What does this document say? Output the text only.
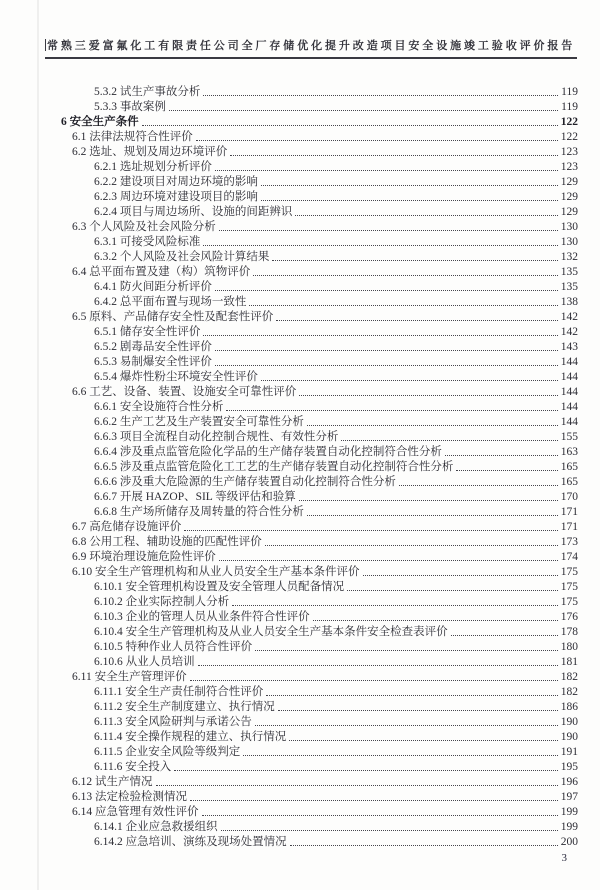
常熟三爱富氟化工有限责任公司全厂存储优化提升改造项目安全设施竣工验收评价报告
5.3.2 试生产事故分析	119
5.3.3 事故案例	119
6 安全生产条件	122
6.1 法律法规符合性评价	122
6.2 选址、规划及周边环境评价	123
6.2.1 选址规划分析评价	123
6.2.2 建设项目对周边环境的影响	129
6.2.3 周边环境对建设项目的影响	129
6.2.4 项目与周边场所、设施的间距辨识	129
6.3 个人风险及社会风险分析	130
6.3.1 可接受风险标准	130
6.3.2 个人风险及社会风险计算结果	132
6.4 总平面布置及建（构）筑物评价	135
6.4.1 防火间距分析评价	135
6.4.2 总平面布置与现场一致性	138
6.5 原料、产品储存安全性及配套性评价	142
6.5.1 储存安全性评价	142
6.5.2 剧毒品安全性评价	143
6.5.3 易制爆安全性评价	144
6.5.4 爆炸性粉尘环境安全性评价	144
6.6 工艺、设备、装置、设施安全可靠性评价	144
6.6.1 安全设施符合性分析	144
6.6.2 生产工艺及生产装置安全可靠性分析	144
6.6.3 项目全流程自动化控制合规性、有效性分析	155
6.6.4 涉及重点监管危险化学品的生产储存装置自动化控制符合性分析	163
6.6.5 涉及重点监管危险化工工艺的生产储存装置自动化控制符合性分析	165
6.6.6 涉及重大危险源的生产储存装置自动化控制符合性分析	165
6.6.7 开展 HAZOP、SIL 等级评估和验算	170
6.6.8 生产场所储存及周转量的符合性分析	171
6.7 高危储存设施评价	171
6.8 公用工程、辅助设施的匹配性评价	173
6.9 环境治理设施危险性评价	174
6.10 安全生产管理机构和从业人员安全生产基本条件评价	175
6.10.1 安全管理机构设置及安全管理人员配备情况	175
6.10.2 企业实际控制人分析	175
6.10.3 企业的管理人员从业条件符合性评价	176
6.10.4 安全生产管理机构及从业人员安全生产基本条件安全检查表评价	178
6.10.5 特种作业人员符合性评价	180
6.10.6 从业人员培训	181
6.11 安全生产管理评价	182
6.11.1 安全生产责任制符合性评价	182
6.11.2 安全生产制度建立、执行情况	186
6.11.3 安全风险研判与承诺公告	190
6.11.4 安全操作规程的建立、执行情况	190
6.11.5 企业安全风险等级判定	191
6.11.6 安全投入	195
6.12 试生产情况	196
6.13 法定检验检测情况	197
6.14 应急管理有效性评价	199
6.14.1 企业应急救援组织	199
6.14.2 应急培训、演练及现场处置情况	200
3
